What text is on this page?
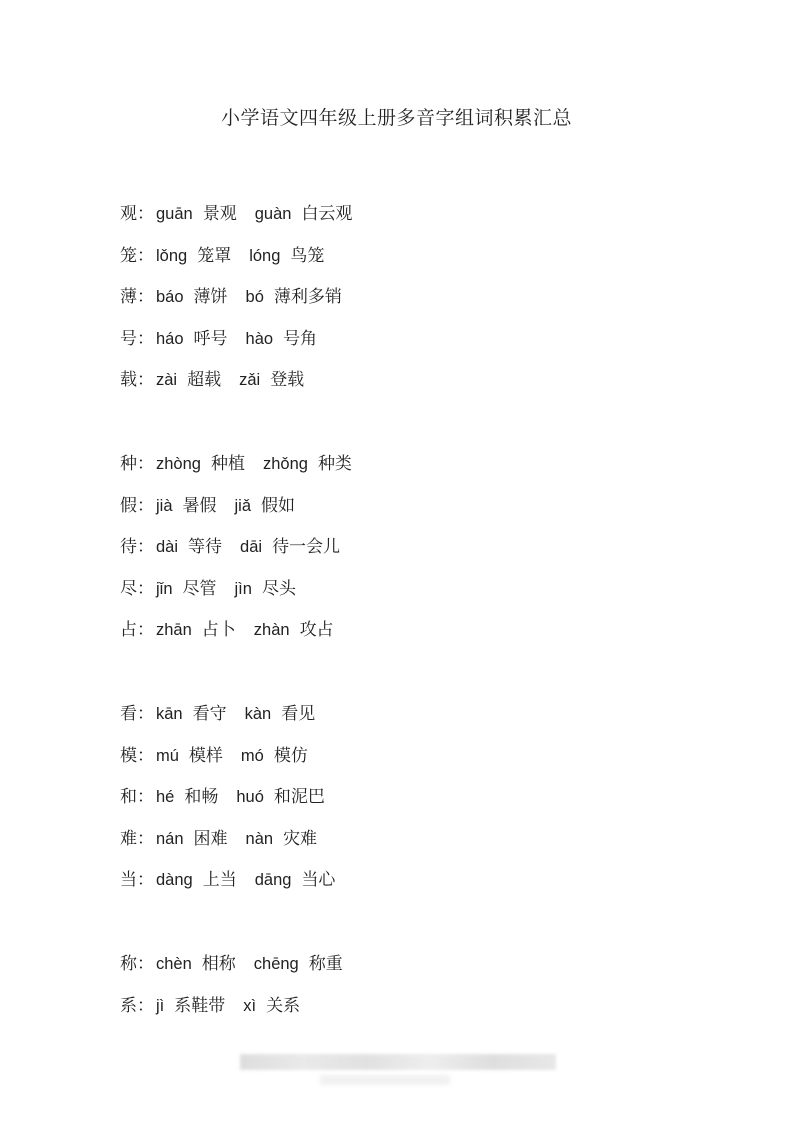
小学语文四年级上册多音字组词积累汇总
观： guān 景观 guàn 白云观
笼： lǒng 笼罩 lóng 鸟笼
薄： báo 薄饼 bó 薄利多销
号： háo 呼号 hào 号角
载： zài 超载 zǎi 登载
种： zhòng 种植 zhǒng 种类
假： jià 暑假 jiǎ 假如
待： dài 等待 dāi 待一会儿
尽： jǐn 尽管 jìn 尽头
占： zhān 占卜 zhàn 攻占
看： kān 看守 kàn 看见
模： mú 模样 mó 模仿
和： hé 和畅 huó 和泥巴
难： nán 困难 nàn 灾难
当： dàng 上当 dāng 当心
称： chèn 相称 chēng 称重
系： jì 系鞋带 xì 关系
